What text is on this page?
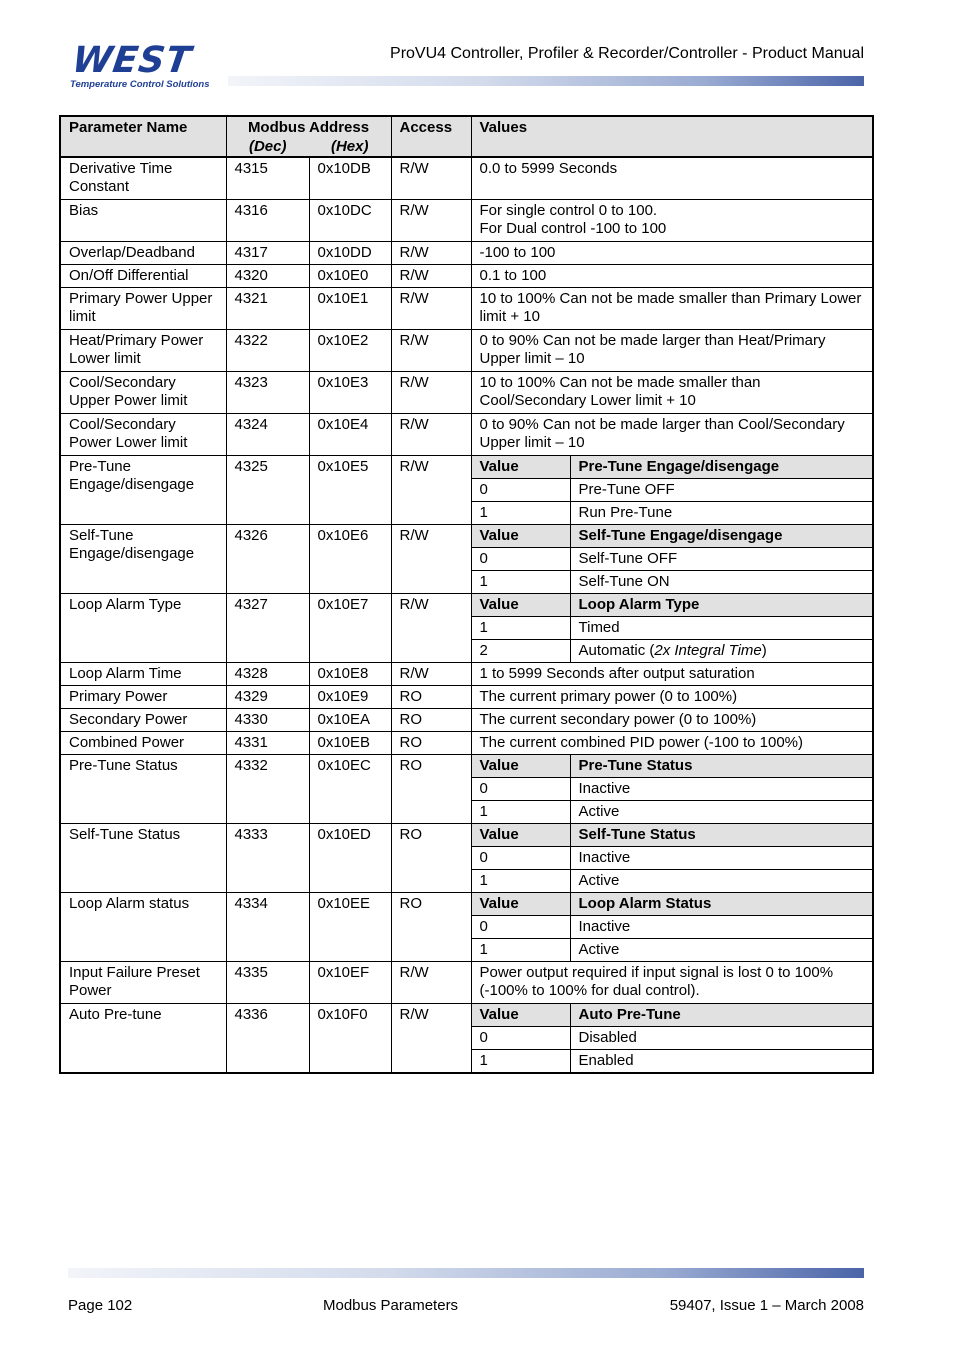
WEST
Temperature Control Solutions
ProVU4 Controller, Profiler & Recorder/Controller - Product Manual
Parameter Name	Modbus Address	Access	Values
(Dec)	(Hex)
Derivative Time Constant	4315	0x10DB	R/W	0.0 to 5999 Seconds
Bias	4316	0x10DC	R/W	For single control 0 to 100.
For Dual control -100 to 100

Overlap/Deadband	4317	0x10DD	R/W	-100 to 100
On/Off Differential	4320	0x10E0	R/W	0.1 to 100
Primary Power Upper limit	4321	0x10E1	R/W	10 to 100% Can not be made smaller than Primary Lower limit + 10
Heat/Primary Power Lower limit	4322	0x10E2	R/W	0 to 90% Can not be made larger than Heat/Primary Upper limit – 10
Cool/Secondary Upper Power limit	4323	0x10E3	R/W	10 to 100% Can not be made smaller than Cool/Secondary Lower limit + 10
Cool/Secondary Power Lower limit	4324	0x10E4	R/W	0 to 90% Can not be made larger than Cool/Secondary Upper limit – 10
Pre-Tune Engage/disengage	4325	0x10E5	R/W		Value	Pre-Tune Engage/disengage
0	Pre-Tune OFF
1	Run Pre-Tune

Self-Tune Engage/disengage	4326	0x10E6	R/W		Value	Self-Tune Engage/disengage
0	Self-Tune OFF
1	Self-Tune ON

Loop Alarm Type	4327	0x10E7	R/W		Value	Loop Alarm Type
1	Timed
2	Automatic (2x Integral Time)

Loop Alarm Time	4328	0x10E8	R/W	1 to 5999 Seconds after output saturation
Primary Power	4329	0x10E9	RO	The current primary power (0 to 100%)
Secondary Power	4330	0x10EA	RO	The current secondary power (0 to 100%)
Combined Power	4331	0x10EB	RO	The current combined PID power (-100 to 100%)
Pre-Tune Status	4332	0x10EC	RO		Value	Pre-Tune Status
0	Inactive
1	Active

Self-Tune Status	4333	0x10ED	RO		Value	Self-Tune Status
0	Inactive
1	Active

Loop Alarm status	4334	0x10EE	RO		Value	Loop Alarm Status
0	Inactive
1	Active

Input Failure Preset Power	4335	0x10EF	R/W	Power output required if input signal is lost 0 to 100% (-100% to 100% for dual control).
Auto Pre-tune	4336	0x10F0	R/W		Value	Auto Pre-Tune
0	Disabled
1	Enabled
Page 102	Modbus Parameters	59407, Issue 1 – March 2008
